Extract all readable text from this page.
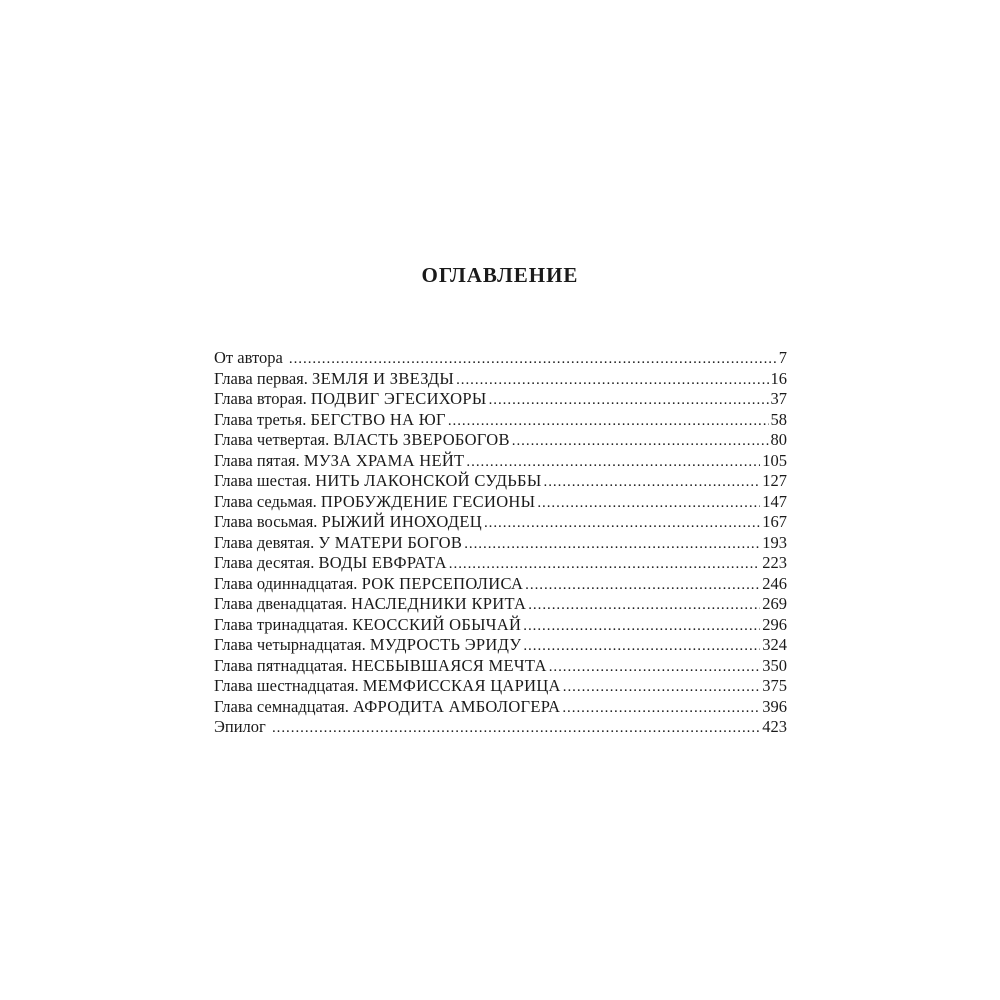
ОГЛАВЛЕНИЕ
От автора . . .	7
Глава первая. ЗЕМЛЯ И ЗВЕЗДЫ . . .	16
Глава вторая. ПОДВИГ ЭГЕСИХОРЫ . . .	37
Глава третья. БЕГСТВО НА ЮГ . . .	58
Глава четвертая. ВЛАСТЬ ЗВЕРОБОГОВ . . .	80
Глава пятая. МУЗА ХРАМА НЕЙТ . . .	105
Глава шестая. НИТЬ ЛАКОНСКОЙ СУДЬБЫ . . .	127
Глава седьмая. ПРОБУЖДЕНИЕ ГЕСИОНЫ . . .	147
Глава восьмая. РЫЖИЙ ИНОХОДЕЦ . . .	167
Глава девятая. У МАТЕРИ БОГОВ . . .	193
Глава десятая. ВОДЫ ЕВФРАТА . . .	223
Глава одиннадцатая. РОК ПЕРСЕПОЛИСА . . .	246
Глава двенадцатая. НАСЛЕДНИКИ КРИТА . . .	269
Глава тринадцатая. КЕОССКИЙ ОБЫЧАЙ . . .	296
Глава четырнадцатая. МУДРОСТЬ ЭРИДУ . . .	324
Глава пятнадцатая. НЕСБЫВШАЯСЯ МЕЧТА . . .	350
Глава шестнадцатая. МЕМФИССКАЯ ЦАРИЦА . . .	375
Глава семнадцатая. АФРОДИТА АМБОЛОГЕРА . . .	396
Эпилог . . .	423
